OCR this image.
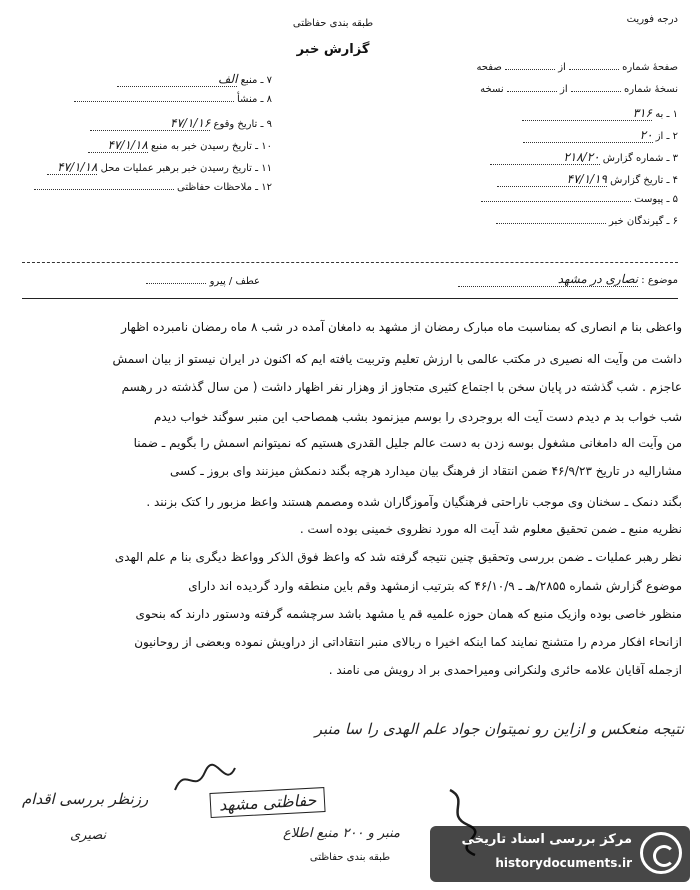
طبقه بندی حفاظتی
گزارش خبر
درجه فوریت
صفحهٔ شماره  از  صفحه
نسخهٔ شماره  از  نسخه
۱ ـ به ۳۱۶
۲ ـ از ۲۰
۳ ـ شماره گزارش ۲۱۸/۲۰
۴ ـ تاریخ گزارش ۴۷/۱/۱۹
۵ ـ پیوست
۶ ـ گیرندگان خبر
۷ ـ منبع الف
۸ ـ منشأ
۹ ـ تاریخ وقوع ۴۷/۱/۱۶
۱۰ ـ تاریخ رسیدن خبر به منبع ۴۷/۱/۱۸
۱۱ ـ تاریخ رسیدن خبر برهبر عملیات محل ۴۷/۱/۱۸
۱۲ ـ ملاحظات حفاظتی
موضوع : نصاری در مشهد
عطف / پیرو
واعظی بنا م انصاری که بمناسبت ماه مبارک رمضان از مشهد به دامغان آمده در شب ۸ ماه رمضان نامبرده اظهار
داشت من وآیت اله نصیری در مکتب عالمی با ارزش تعلیم وتربیت یافته ایم که اکنون در ایران نیستو از بیان اسمش
عاجزم . شب گذشته در پایان سخن با اجتماع کثیری متجاوز از وهزار نفر اظهار داشت ( من سال گذشته در رهسم
شب خواب بد م دیدم دست آیت اله بروجردی را بوسم میزنمود بشب همصاحب این منبر سوگند خواب دیدم
من وآیت اله دامغانی مشغول بوسه زدن به دست عالم جلیل القدری هستیم که نمیتوانم اسمش را بگویم ـ ضمنا
مشارالیه در تاریخ ۴۶/۹/۲۳ ضمن انتقاد از فرهنگ بیان میدارد هرچه بگند دنمکش میزنند وای بروز ـ کسی
بگند دنمک ـ سخنان وی موجب ناراحتی فرهنگیان وآموزگاران شده ومصمم هستند واعظ مزبور را کتک بزنند .
نظریه منبع ـ ضمن تحقیق معلوم شد آیت اله مورد نظروی خمینی بوده است .
نظر رهبر عملیات ـ ضمن بررسی وتحقیق چنین نتیجه گرفته شد که واعظ فوق الذکر وواعظ دیگری بنا م علم الهدی
موضوع گزارش شماره ۲۸۵۵/هـ ـ ۴۶/۱۰/۹ که بترتیب ازمشهد وقم باین منطقه وارد گردیده اند دارای
منظور خاصی بوده وازیک منبع که همان حوزه علمیه قم یا مشهد باشد سرچشمه گرفته ودستور دارند که بنحوی
ازانحاء افکار مردم را متشنج نمایند کما اینکه اخیرا ه ربالای منبر انتقاداتی از دراویش نموده وبعضی از روحانیون
ازجمله آقایان علامه حائری ولنکرانی ومیراحمدی بر اد رویش می نامند .
نتیجه منعکس و ازاین رو نمیتوان جواد علم الهدی را سا منبر
حفاظتی مشهد
منبر و ۲۰۰ منبع اطلاع
رزنظر بررسی اقدام
نصیری
طبقه بندی حفاظتی
مرکز بررسی اسناد تاریخی
historydocuments.ir
